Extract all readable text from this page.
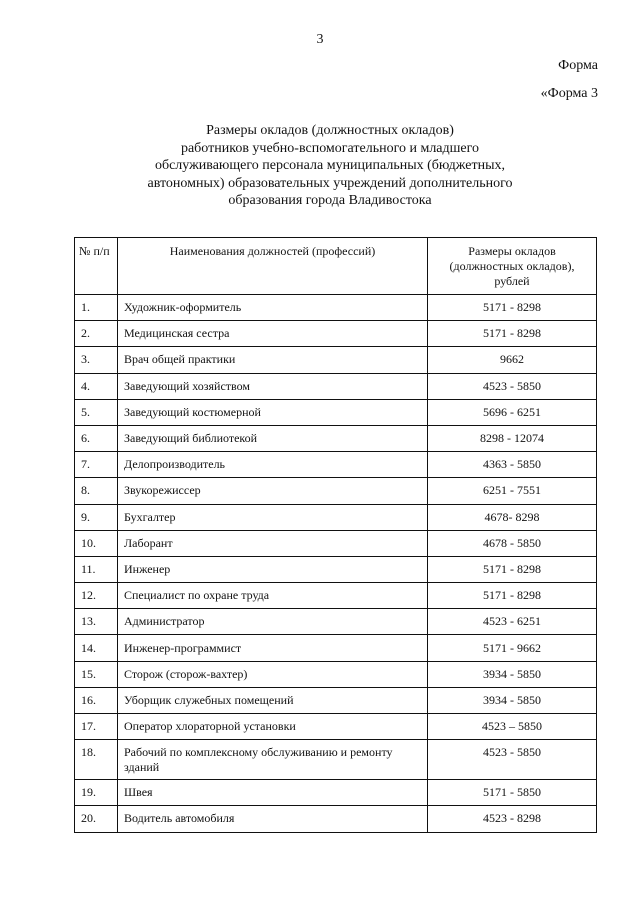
3
Форма
«Форма 3
Размеры окладов (должностных окладов)
работников учебно-вспомогательного и младшего
обслуживающего персонала муниципальных (бюджетных,
автономных) образовательных учреждений дополнительного
образования города Владивостока
№ п/п	Наименования должностей (профессий)	Размеры окладов (должностных окладов), рублей
1.	Художник-оформитель	5171 - 8298
2.	Медицинская сестра	5171 - 8298
3.	Врач общей практики	9662
4.	Заведующий хозяйством	4523 - 5850
5.	Заведующий костюмерной	5696 - 6251
6.	Заведующий библиотекой	8298 - 12074
7.	Делопроизводитель	4363 - 5850
8.	Звукорежиссер	6251 - 7551
9.	Бухгалтер	4678- 8298
10.	Лаборант	4678 - 5850
11.	Инженер	5171 - 8298
12.	Специалист по охране труда	5171 - 8298
13.	Администратор	4523 - 6251
14.	Инженер-программист	5171 - 9662
15.	Сторож (сторож-вахтер)	3934 - 5850
16.	Уборщик служебных помещений	3934 - 5850
17.	Оператор хлораторной установки	4523 – 5850
18.	Рабочий по комплексному обслуживанию и ремонту зданий	4523 - 5850
19.	Швея	5171 - 5850
20.	Водитель автомобиля	4523 - 8298
